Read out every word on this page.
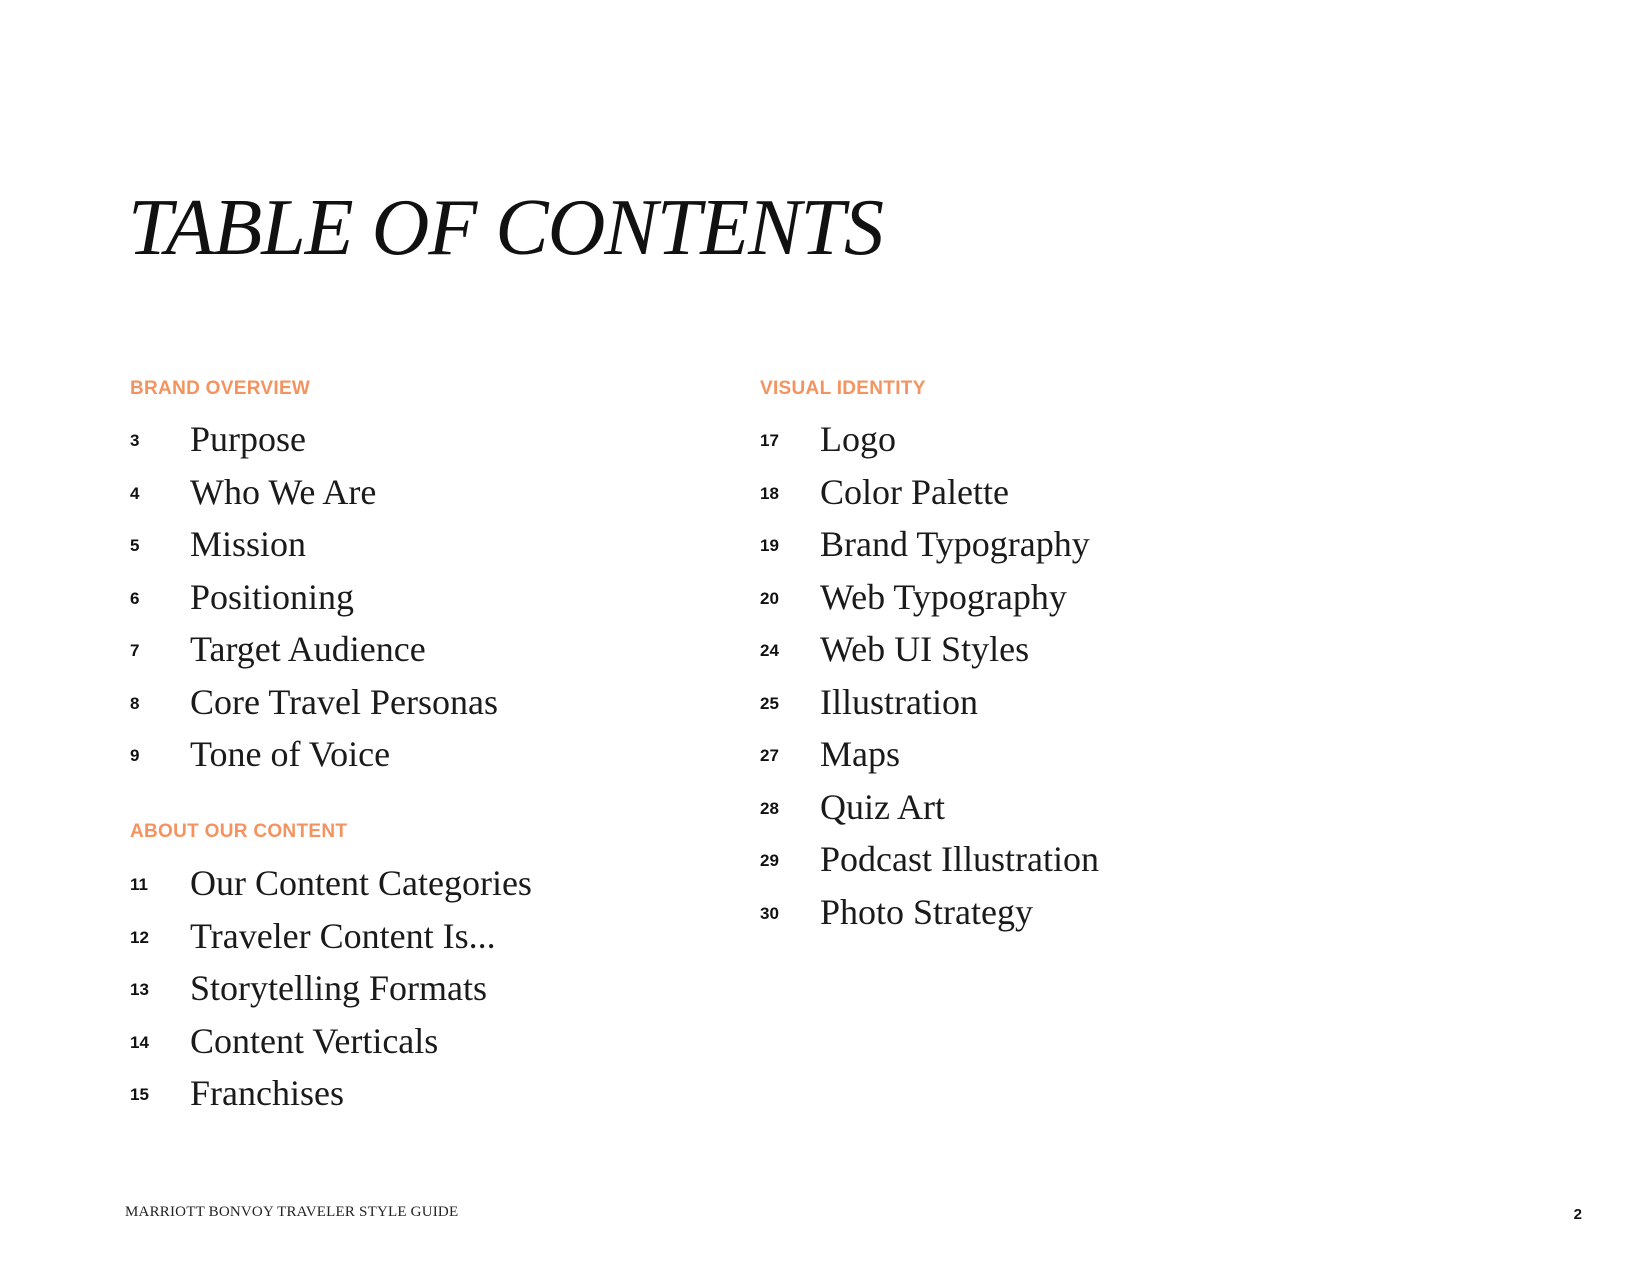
TABLE OF CONTENTS
BRAND OVERVIEW
3	Purpose
4	Who We Are
5	Mission
6	Positioning
7	Target Audience
8	Core Travel Personas
9	Tone of Voice
ABOUT OUR CONTENT
11	Our Content Categories
12	Traveler Content Is...
13	Storytelling Formats
14	Content Verticals
15	Franchises
VISUAL IDENTITY
17	Logo
18	Color Palette
19	Brand Typography
20	Web Typography
24	Web UI Styles
25	Illustration
27	Maps
28	Quiz Art
29	Podcast Illustration
30	Photo Strategy
MARRIOTT BONVOY TRAVELER STYLE GUIDE	2
